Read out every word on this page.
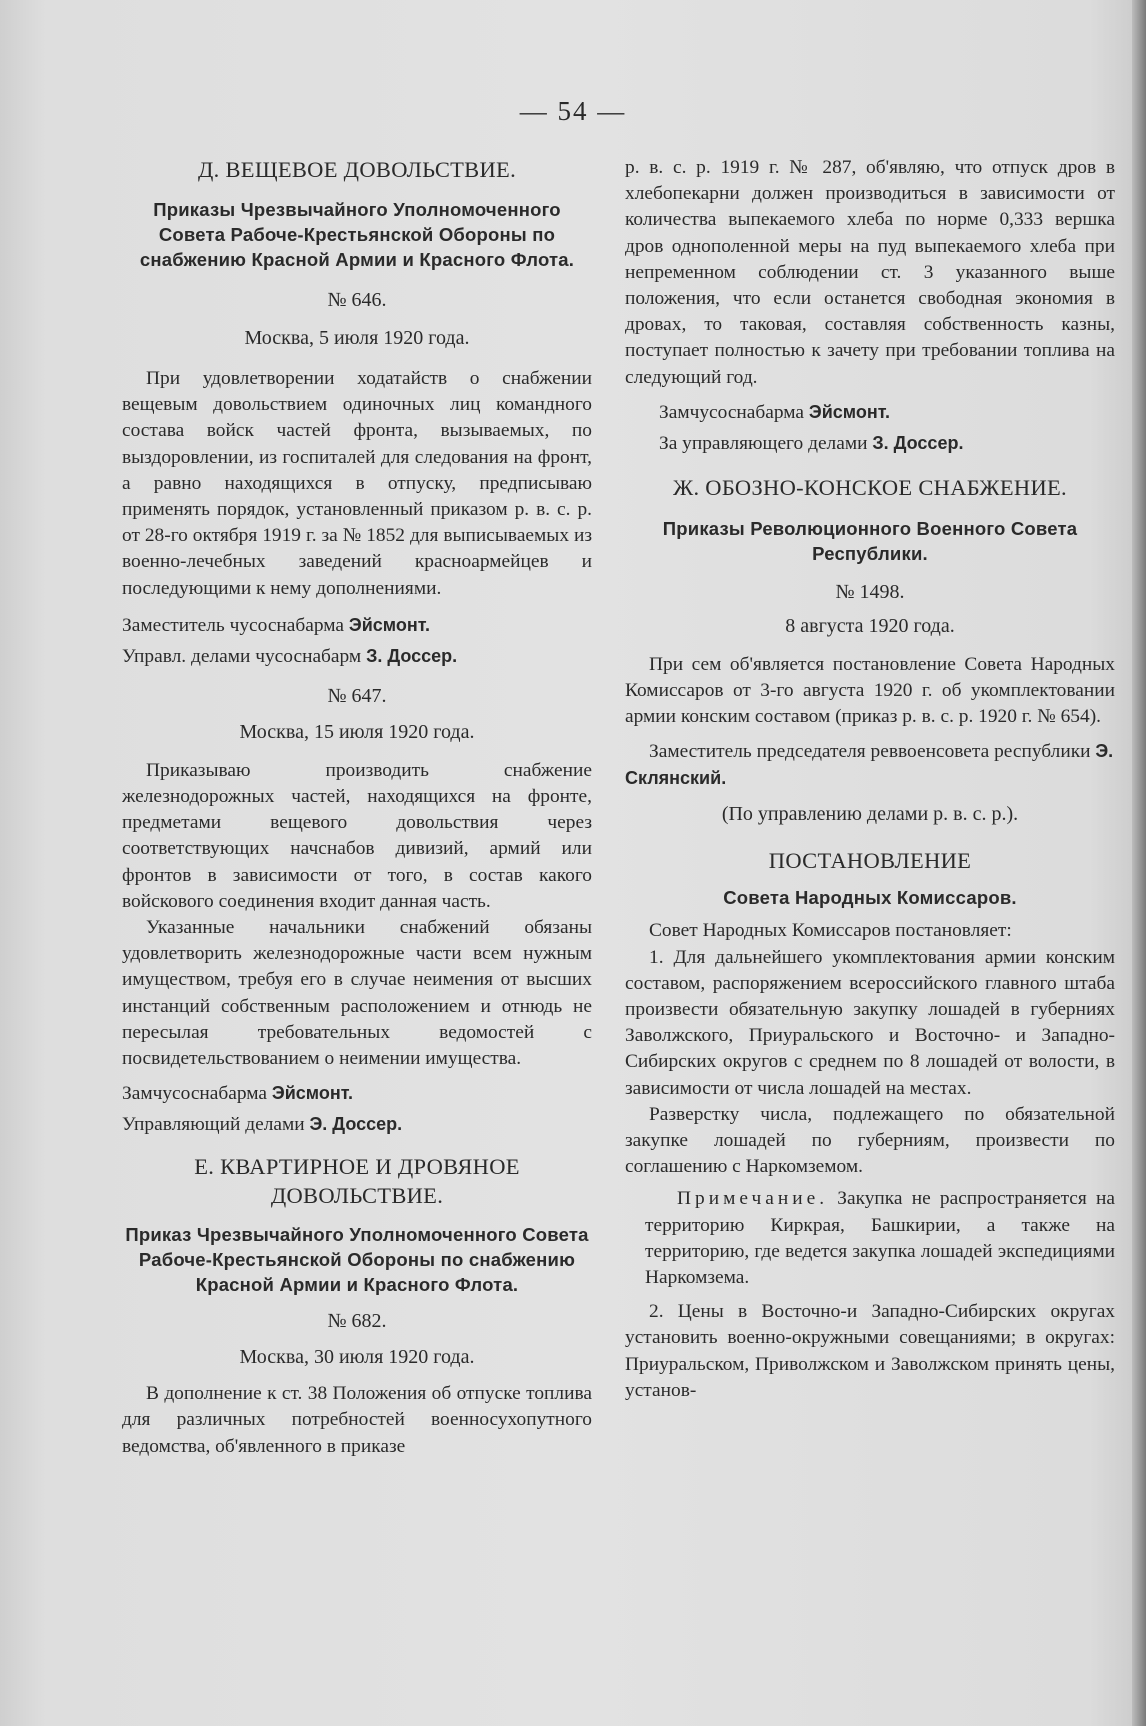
— 54 —
Д. ВЕЩЕВОЕ ДОВОЛЬСТВИЕ.
Приказы Чрезвычайного Уполномоченного Совета Рабоче-Крестьянской Обороны по снабжению Красной Армии и Красного Флота.
№ 646.
Москва, 5 июля 1920 года.

При удовлетворении ходатайств о снабжении вещевым довольствием одиночных лиц командного состава войск частей фронта, вызываемых, по выздоровлении, из госпиталей для следования на фронт, а равно находящихся в отпуску, предписываю применять порядок, установленный приказом р. в. с. р. от 28-го октября 1919 г. за № 1852 для выписываемых из военно-лечебных заведений красноармейцев и последующими к нему дополнениями.

Заместитель чусоснабарма Эйсмонт.
Управл. делами чусоснабарм З. Доссер.
№ 647.
Москва, 15 июля 1920 года.

Приказываю производить снабжение железнодорожных частей, находящихся на фронте, предметами вещевого довольствия через соответствующих начснабов дивизий, армий или фронтов в зависимости от того, в состав какого войскового соединения входит данная часть.

Указанные начальники снабжений обязаны удовлетворить железнодорожные части всем нужным имуществом, требуя его в случае неимения от высших инстанций собственным расположением и отнюдь не пересылая требовательных ведомостей с посвидетельствованием о неимении имущества.

Замчусоснабарма Эйсмонт.
Управляющий делами Э. Доссер.
Е. КВАРТИРНОЕ И ДРОВЯНОЕ ДОВОЛЬСТВИЕ.
Приказ Чрезвычайного Уполномоченного Совета Рабоче-Крестьянской Обороны по снабжению Красной Армии и Красного Флота.
№ 682.
Москва, 30 июля 1920 года.

В дополнение к ст. 38 Положения об отпуске топлива для различных потребностей военносухопутного ведомства, об'явленного в приказе

р. в. с. р. 1919 г. № 287, об'являю, что отпуск дров в хлебопекарни должен производиться в зависимости от количества выпекаемого хлеба по норме 0,333 вершка дров однополенной меры на пуд выпекаемого хлеба при непременном соблюдении ст. 3 указанного выше положения, что если останется свободная экономия в дровах, то таковая, составляя собственность казны, поступает полностью к зачету при требовании топлива на следующий год.

Замчусоснабарма Эйсмонт.
За управляющего делами З. Доссер.
Ж. ОБОЗНО-КОНСКОЕ СНАБЖЕНИЕ.
Приказы Революционного Военного Совета Республики.
№ 1498.
8 августа 1920 года.

При сем об'является постановление Совета Народных Комиссаров от 3-го августа 1920 г. об укомплектовании армии конским составом (приказ р. в. с. р. 1920 г. № 654).

Заместитель председателя реввоенсовета республики Э. Склянский.
(По управлению делами р. в. с. р.).
ПОСТАНОВЛЕНИЕ
Совета Народных Комиссаров.

Совет Народных Комиссаров постановляет:

1. Для дальнейшего укомплектования армии конским составом, распоряжением всероссийского главного штаба произвести обязательную закупку лошадей в губерниях Заволжского, Приуральского и Восточно- и Западно-Сибирских округов с среднем по 8 лошадей от волости, в зависимости от числа лошадей на местах.

Разверстку числа, подлежащего по обязательной закупке лошадей по губерниям, произвести по соглашению с Наркомземом.

Примечание. Закупка не распространяется на территорию Киркрая, Башкирии, а также на территорию, где ведется закупка лошадей экспедициями Наркомзема.

2. Цены в Восточно-и Западно-Сибирских округах установить военно-окружными совещаниями; в округах: Приуральском, Приволжском и Заволжском принять цены, установ-
